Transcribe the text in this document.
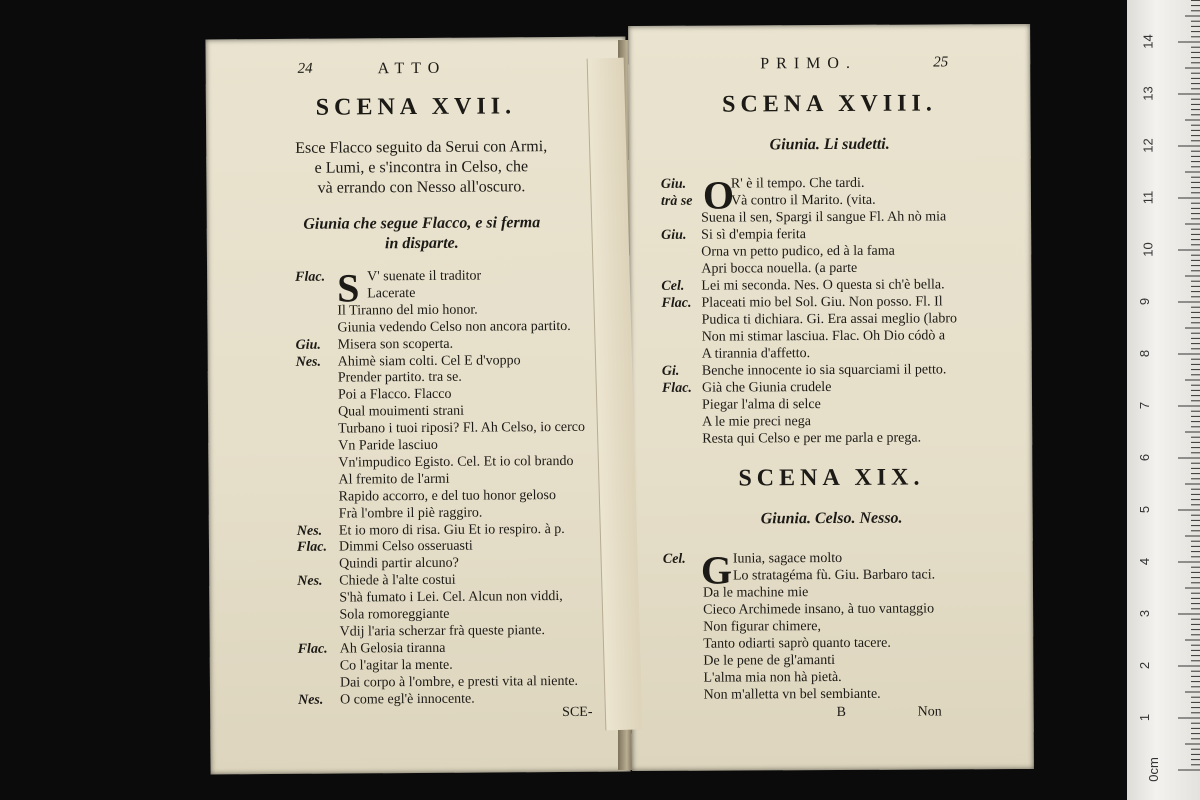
24	ATTO
SCENA XVII.
Esce Flacco seguito da Serui con Armi,
e Lumi, e s'incontra in Celso, che
và errando con Nesso all'oscuro.
Giunia che segue Flacco, e si ferma
in disparte.
S
Flac.	V' suenate il traditor
Lacerate
Il Tiranno del mio honor.
Giunia vedendo Celso non ancora partito.
Giu. Misera son scoperta.
Nes. Ahimè siam colti. Cel E d'voppo
Prender partito. tra se.
Poi a Flacco. Flacco
Qual mouimenti strani
Turbano i tuoi riposi? Fl. Ah Celso, io cerco
Vn Paride lasciuo
Vn'impudico Egisto. Cel. Et io col brando
Al fremito de l'armi
Rapido accorro, e del tuo honor geloso
Frà l'ombre il piè raggiro.
Nes. Et io moro di risa. Giu Et io respiro. à p.
Flac. Dimmi Celso osseruasti
Quindi partir alcuno?
Nes. Chiede à l'alte costui
S'hà fumato i Lei. Cel. Alcun non viddi,
Sola romoreggiante
Vdij l'aria scherzar frà queste piante.
Flac. Ah Gelosia tiranna
Co l'agitar la mente.
Dai corpo à l'ombre, e presti vita al niente.
Nes. O come egl'è innocente.
SCE-
PRIMO.	25
SCENA XVIII.
Giunia. Li sudetti.
O
Giu.	R' è il tempo. Che tardi.
trà se	Và contro il Marito. (vita.
Suena il sen, Spargi il sangue Fl. Ah nò mia
Giu. Si sì d'empia ferita
Orna vn petto pudico, ed à la fama
Apri bocca nouella. (a parte
Cel. Lei mi seconda. Nes. O questa si ch'è bella.
Flac. Placeati mio bel Sol. Giu. Non posso. Fl. Il
Pudica ti dichiara. Gi. Era assai meglio (labro
Non mi stimar lasciua. Flac. Oh Dio códò a
A tirannia d'affetto.
Gi. Benche innocente io sia squarciami il petto.
Flac. Già che Giunia crudele
Piegar l'alma di selce
A le mie preci nega
Resta qui Celso e per me parla e prega.
SCENA XIX.
Giunia. Celso. Nesso.
G
Cel.	Iunia, sagace molto
Lo stratagéma fù. Giu. Barbaro taci.
Da le machine mie
Cieco Archimede insano, à tuo vantaggio
Non figurar chimere,
Tanto odiarti saprò quanto tacere.
De le pene de gl'amanti
L'alma mia non hà pietà.
Non m'alletta vn bel sembiante.
B	Non
0cm
1
2
3
4
5
6
7
8
9
10
11
12
13
14
